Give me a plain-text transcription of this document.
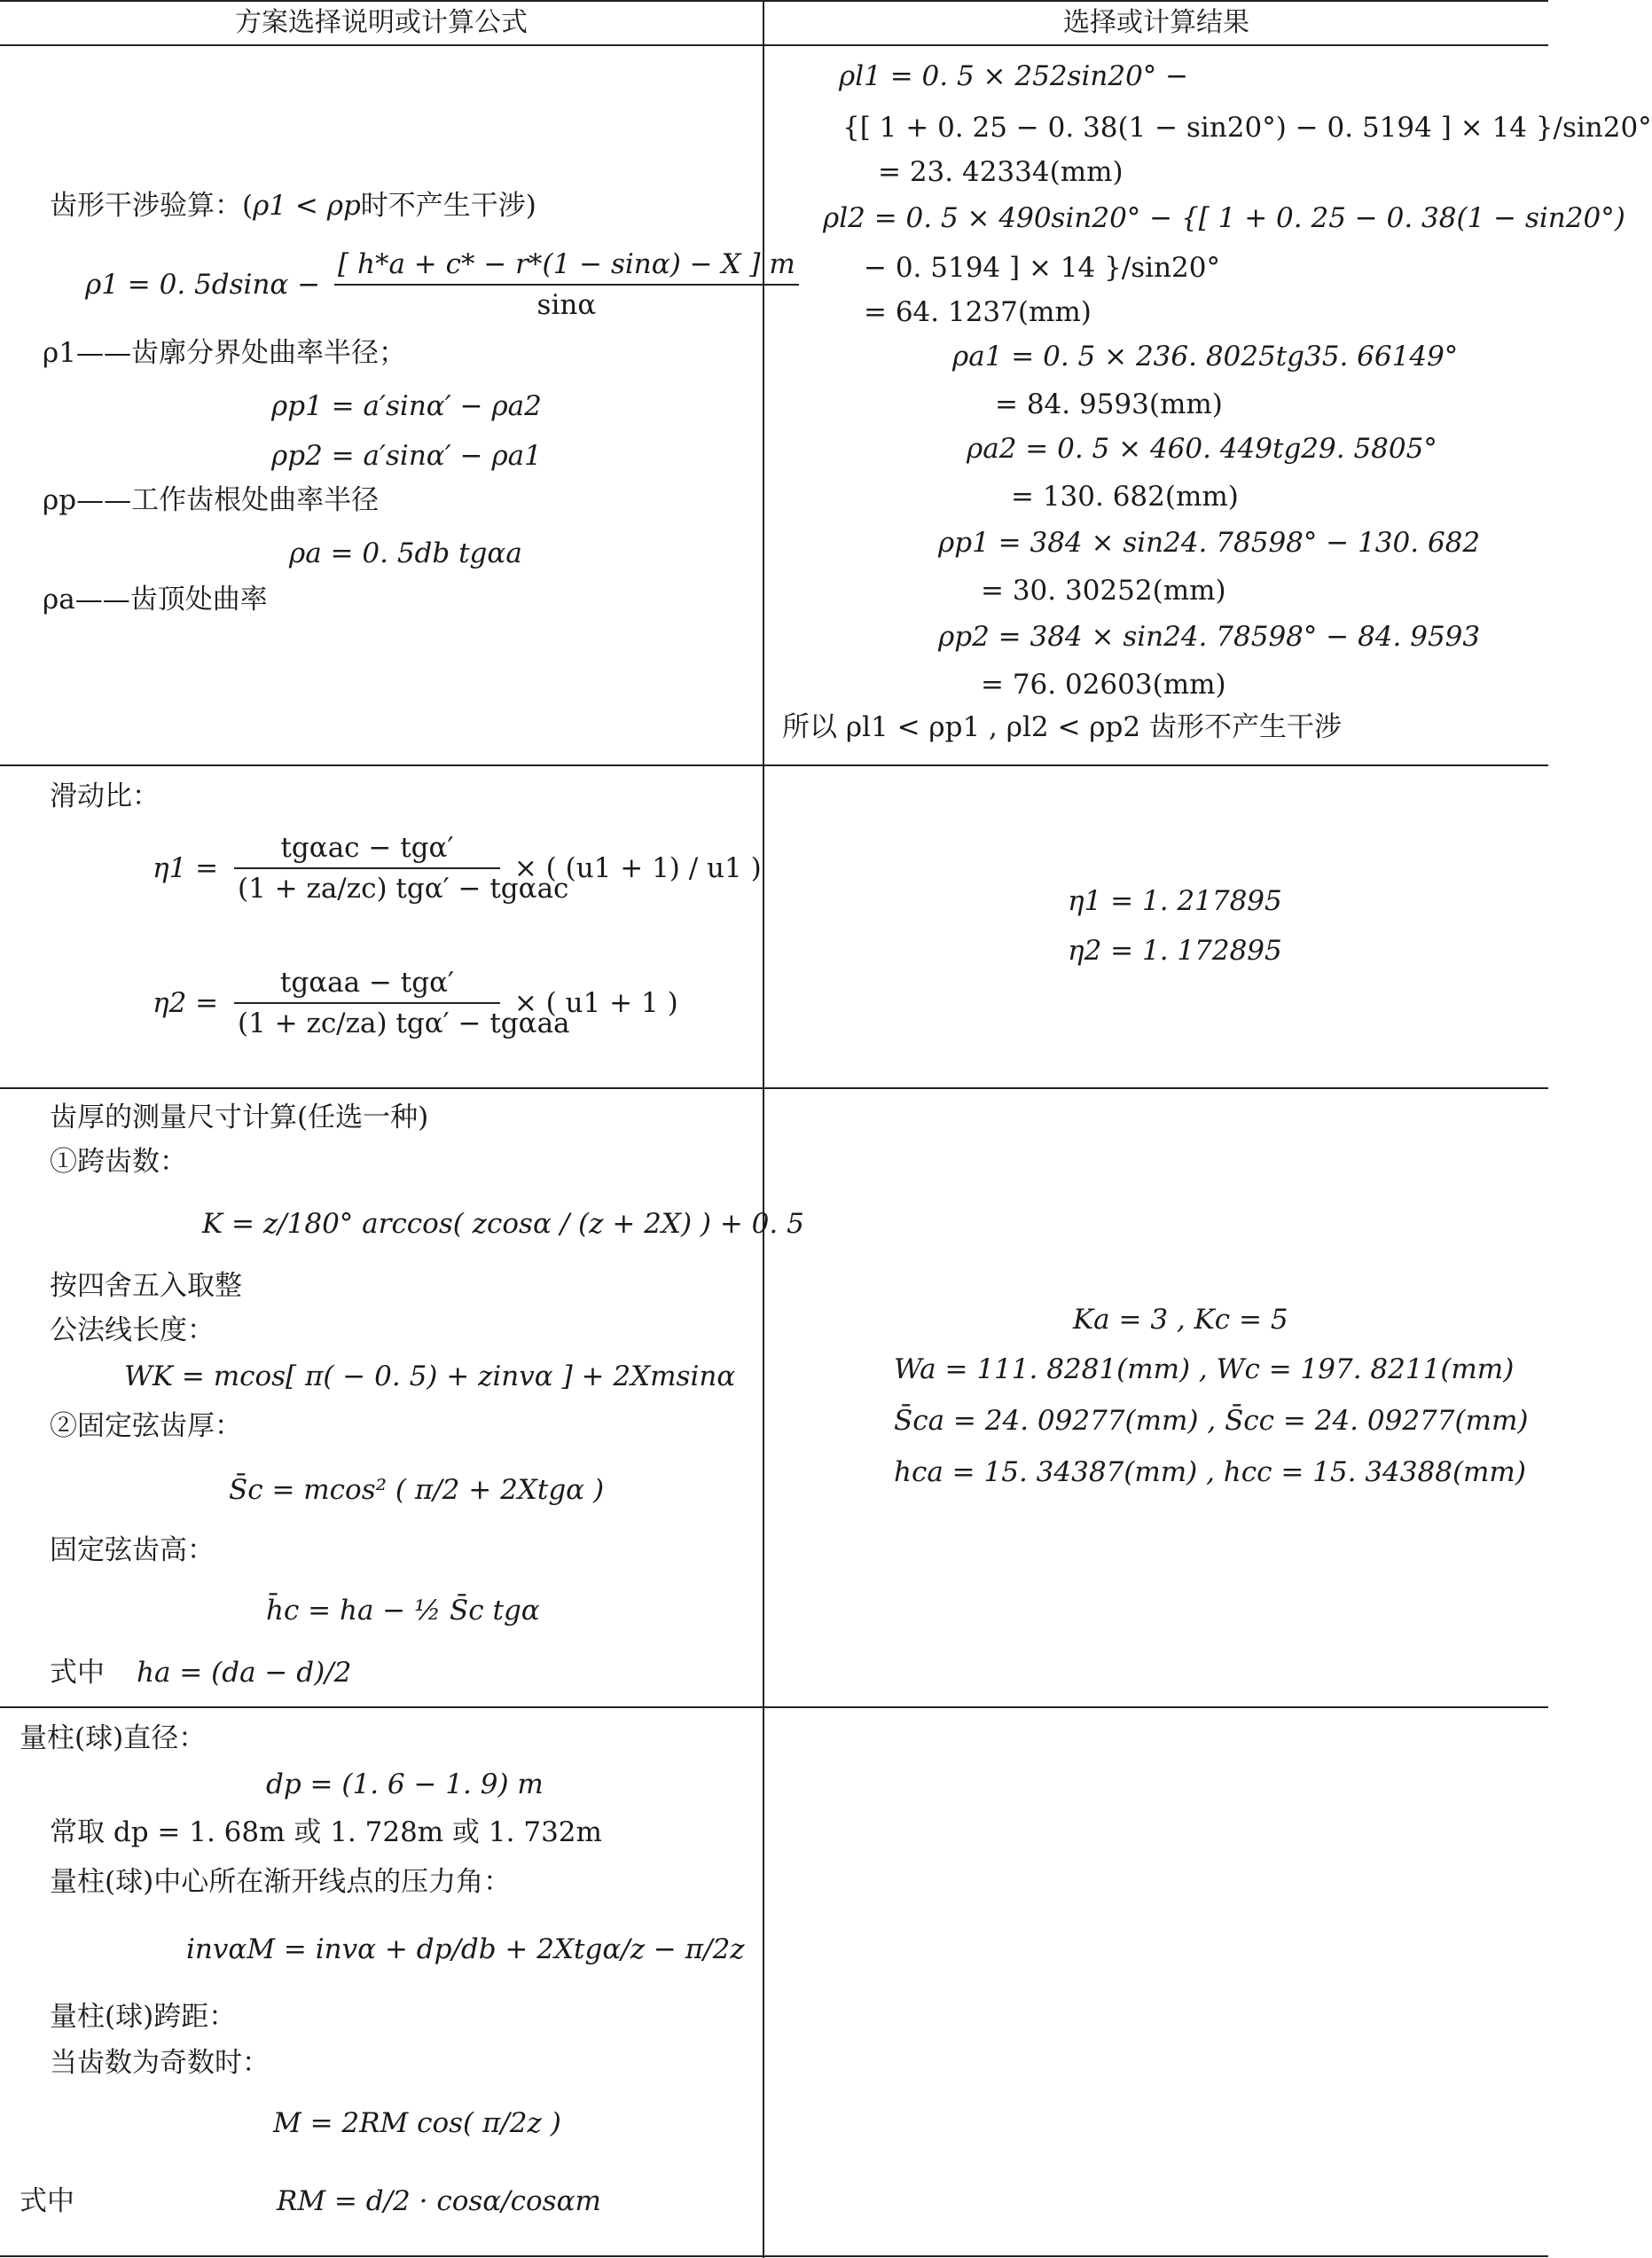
方案选择说明或计算公式	选择或计算结果
齿形干涉验算：(ρ1 < ρp时不产生干涉)
ρ1 = 0. $5dsin\alpha - \frac{[ h*a + c* - r*(1 - \sin\alpha) - X ] m}{\sin\alpha}$
ρ1——齿廓分界处曲率半径；
ρp1 = a′sinα′ − ρa2
ρp2 = a′sinα′ − ρa1
ρp——工作齿根处曲率半径
ρa = 0. 5db tgαa
ρa——齿顶处曲率
ρl1 = 0. 5 × 252sin20° −
{[ 1 + 0. 25 − 0. 38(1 − sin20°) − 0. 5194 ] × 14 }/sin20°
= 23. 42334(mm)
ρl2 = 0. 5 × 490sin20° − {[ 1 + 0. 25 − 0. 38(1 − sin20°)
− 0. 5194 ] × 14 }/sin20°
= 64. 1237(mm)
ρa1 = 0. 5 × 236. 8025tg35. 66149°
= 84. 9593(mm)
ρa2 = 0. 5 × 460. 449tg29. 5805°
= 130. 682(mm)
ρp1 = 384 × sin24. 78598° − 130. 682
= 30. 30252(mm)
ρp2 = 384 × sin24. 78598° − 84. 9593
= 76. 02603(mm)
所以 ρl1 < ρp1 , ρl2 < ρp2 齿形不产生干涉
滑动比：
$\eta 1 = \frac{\text{tgαac − tgα′}}{\text{(1 + za/zc) tgα′ − tgαac}}$ × ( (u1 + 1) / u1 )
$\eta 2 = \frac{\text{tgαaa − tgα′}}{\text{(1 + zc/za) tgα′ − tgαaa}}$ × ( u1 + 1 )
η1 = 1. 217895
η2 = 1. 172895
齿厚的测量尺寸计算(任选一种)
①跨齿数：
K = z/180° arccos( zcosα / (z + 2X) ) + 0. 5
按四舍五入取整
公法线长度：
WK = mcos[ π( − 0. 5) + zinvα ] + 2Xmsinα
②固定弦齿厚：
S̄c = mcos² ( π/2 + 2Xtgα )
固定弦齿高：
h̄c = ha − ½ S̄c tgα
式中 ha = (da − d)/2
Ka = 3 , Kc = 5
Wa = 111. 8281(mm) , Wc = 197. 8211(mm)
S̄ca = 24. 09277(mm) , S̄cc = 24. 09277(mm)
hca = 15. 34387(mm) , hcc = 15. 34388(mm)
量柱(球)直径：
dp = (1. 6 − 1. 9) m
常取 dp = 1. 68m 或 1. 728m 或 1. 732m
量柱(球)中心所在渐开线点的压力角：
invαM = invα + dp/db + 2Xtgα/z − π/2z
量柱(球)跨距：
当齿数为奇数时：
M = 2RM cos( π/2z )
式中	RM = d/2 · cosα/cosαm
